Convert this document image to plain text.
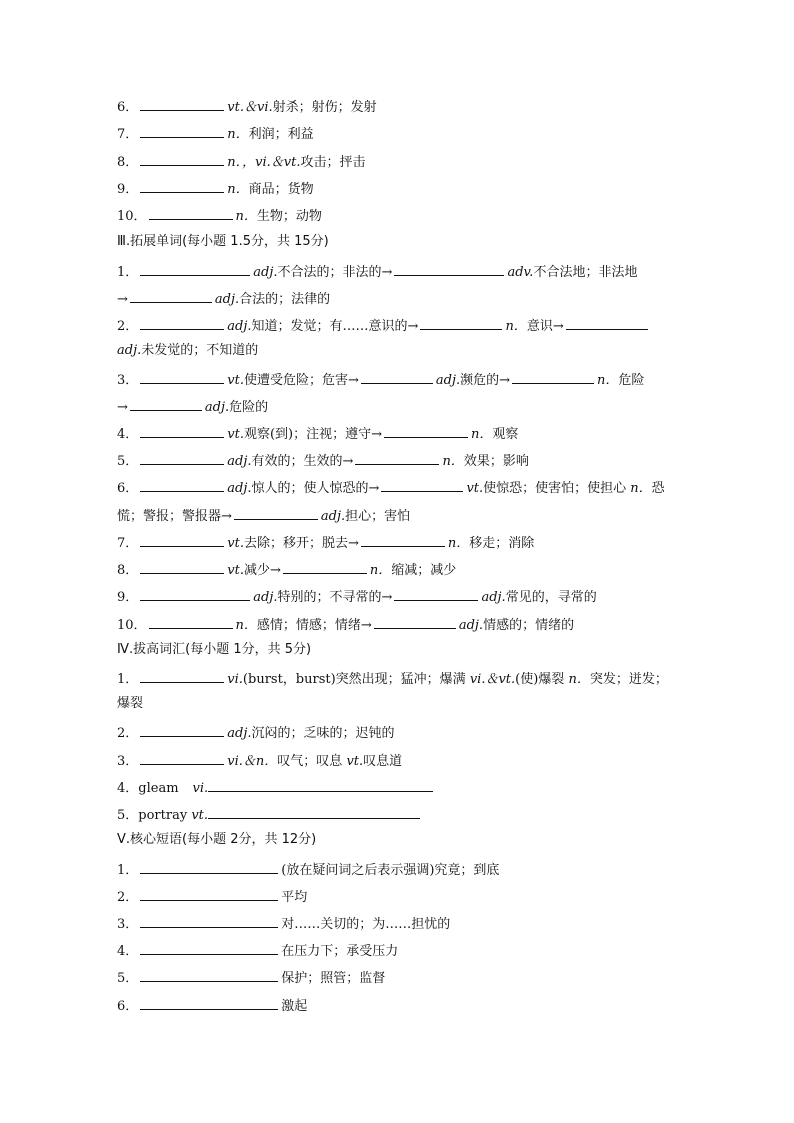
6．	vt.＆vi.射杀；射伤；发射
7．	n．利润；利益
8．	n．，vi.＆vt.攻击；抨击
9．	n．商品；货物
10．	n．生物；动物
Ⅲ.拓展单词(每小题 1.5分，共 15分)
1．	adj.不合法的；非法的→	adv.不合法地；非法地
→	adj.合法的；法律的
2．	adj.知道；发觉；有……意识的→	n．意识→
adj.未发觉的；不知道的
3．	vt.使遭受危险；危害→	adj.濒危的→	n．危险
→	adj.危险的
4．	vt.观察(到)；注视；遵守→	n．观察
5．	adj.有效的；生效的→	n．效果；影响
6．	adj.惊人的；使人惊恐的→	vt.使惊恐；使害怕；使担心 n．恐
慌；警报；警报器→	adj.担心；害怕
7．	vt.去除；移开；脱去→	n．移走；消除
8．	vt.减少→	n．缩减；减少
9．	adj.特别的；不寻常的→	adj.常见的，寻常的
10．	n．感情；情感；情绪→	adj.情感的；情绪的
Ⅳ.拔高词汇(每小题 1分，共 5分)
1．	vi.(burst，burst)突然出现；猛冲；爆满 vi.＆vt.(使)爆裂 n．突发；迸发；
爆裂
2．	adj.沉闷的；乏味的；迟钝的
3．	vi.＆n．叹气；叹息 vt.叹息道
4．gleam vi.
5．portray vt.
Ⅴ.核心短语(每小题 2分，共 12分)
1．	(放在疑问词之后表示强调)究竟；到底
2．	平均
3．	对……关切的；为……担忧的
4．	在压力下；承受压力
5．	保护；照管；监督
6．	激起
